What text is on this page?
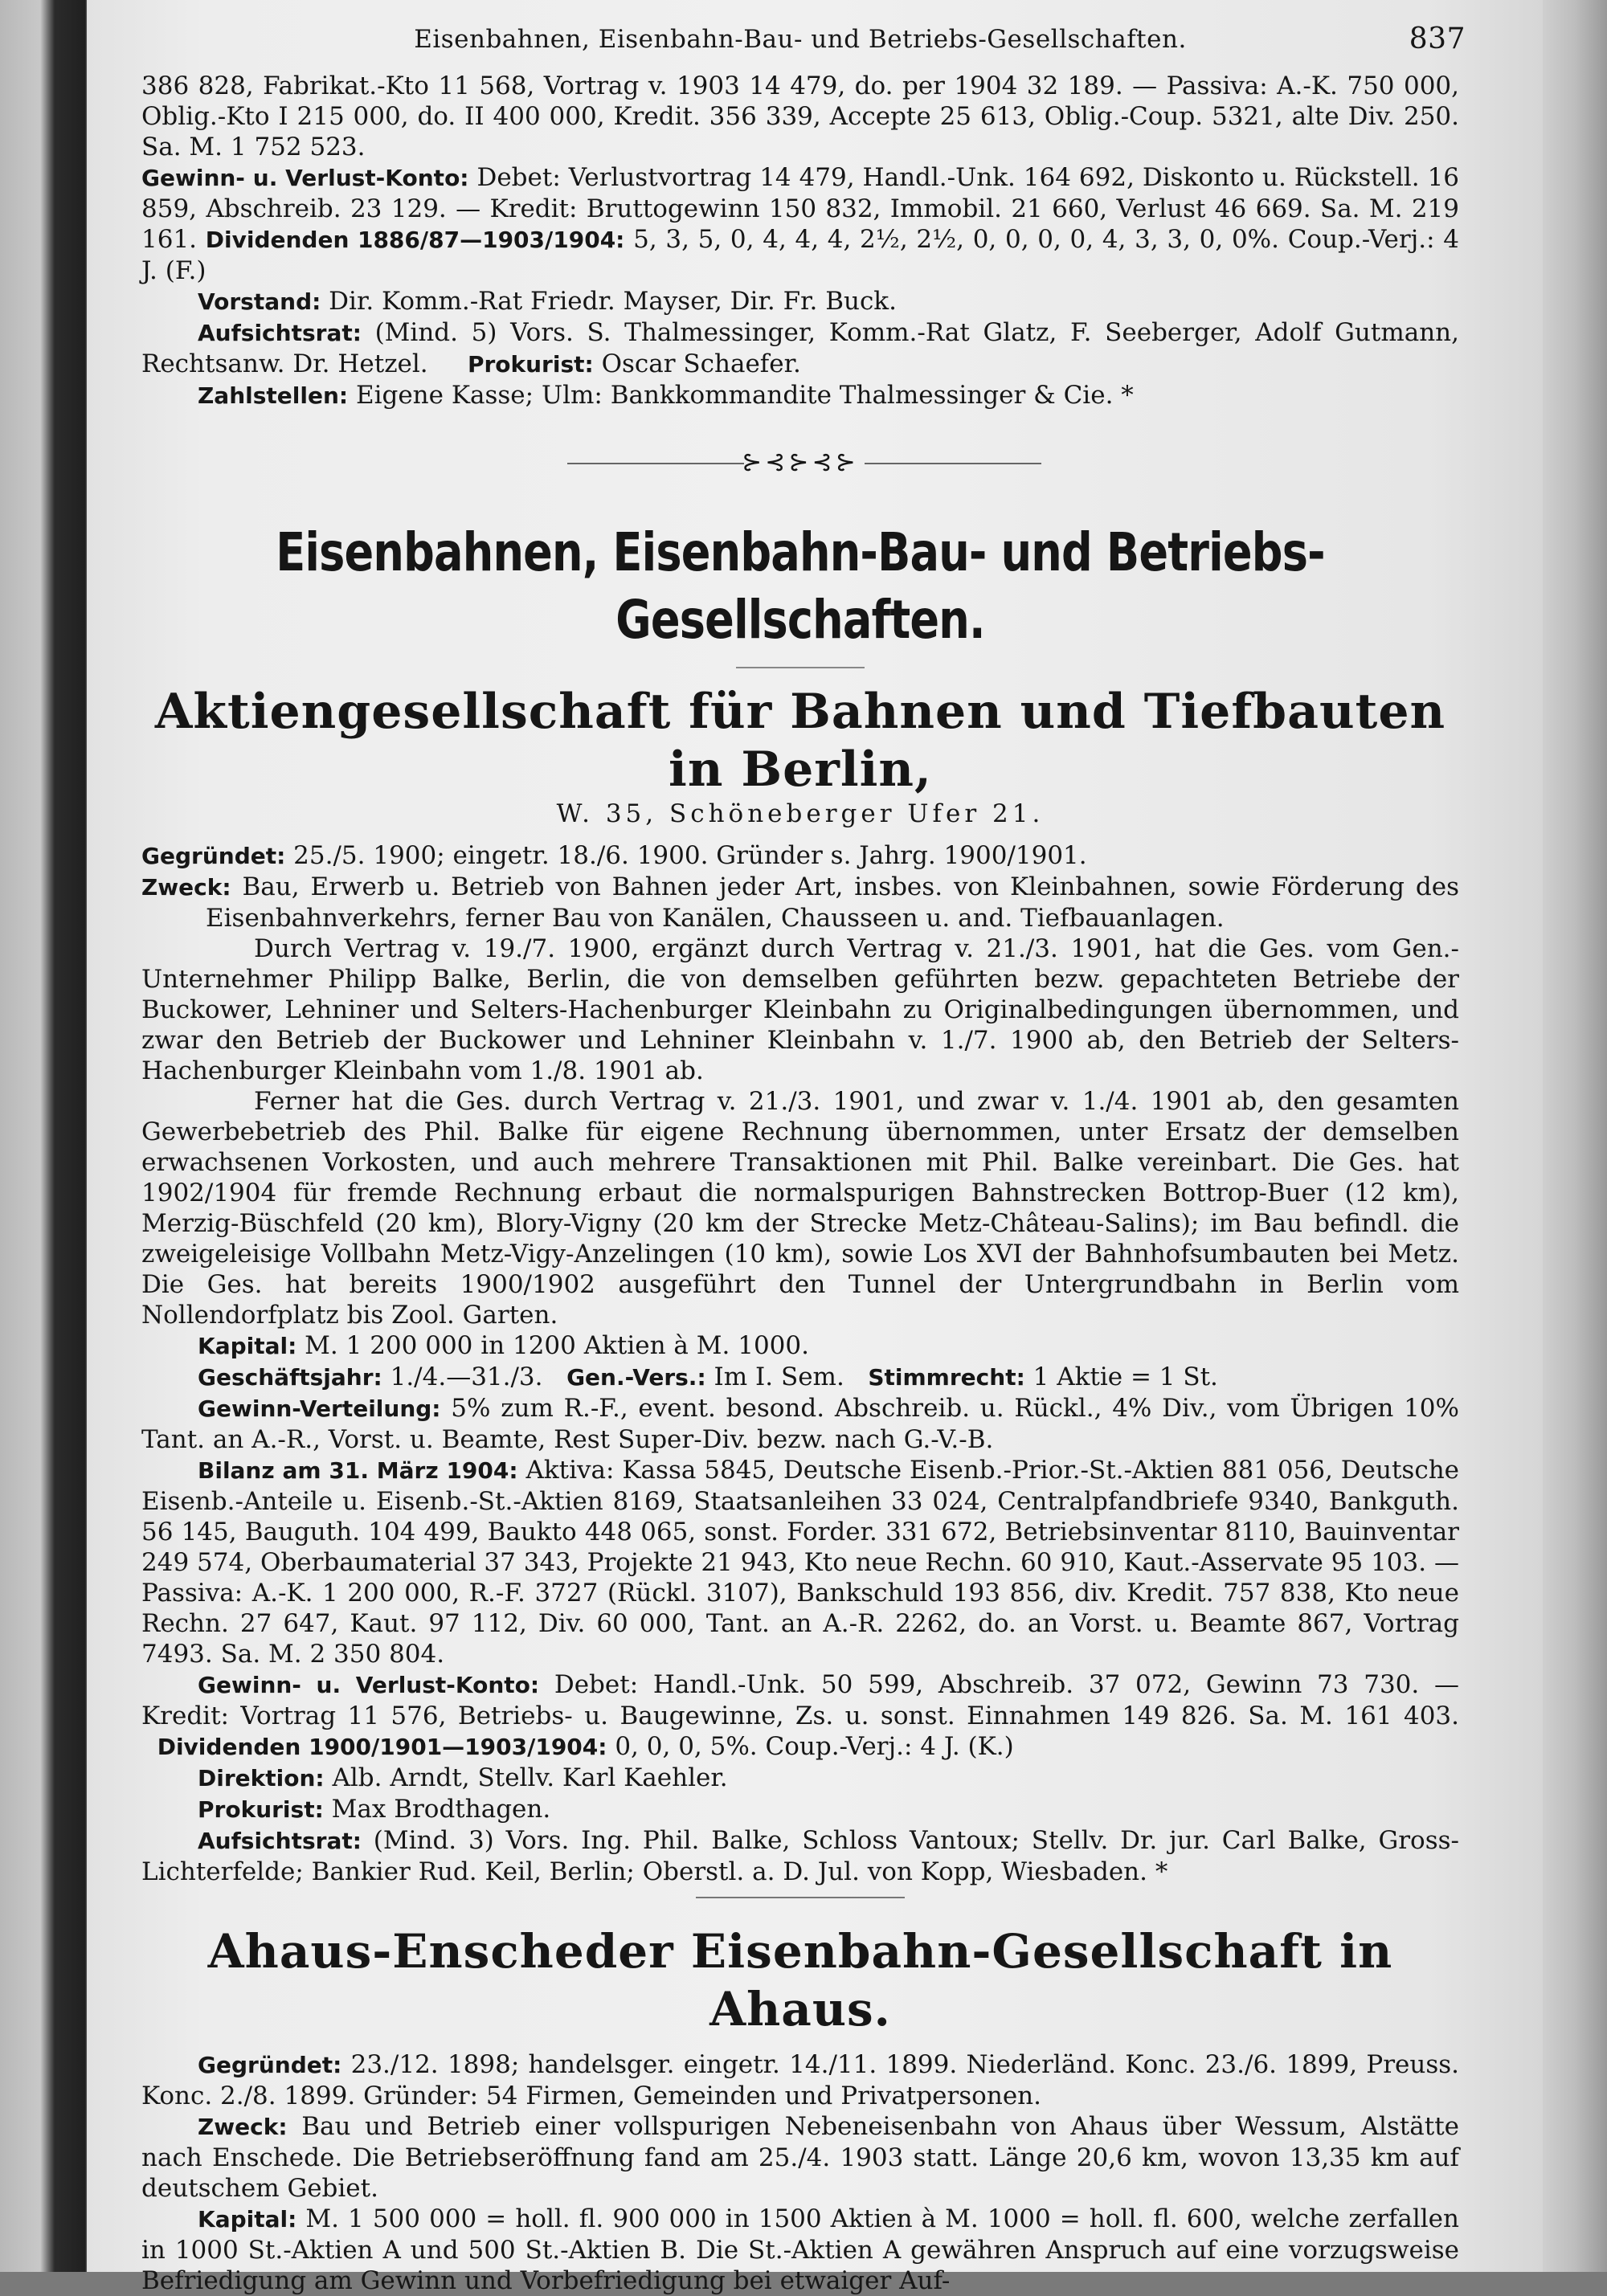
Eisenbahnen, Eisenbahn-Bau- und Betriebs-Gesellschaften.	837

386 828, Fabrikat.-Kto 11 568, Vortrag v. 1903 14 479, do. per 1904 32 189. — Passiva: A.-K. 750 000, Oblig.-Kto I 215 000, do. II 400 000, Kredit. 356 339, Accepte 25 613, Oblig.-Coup. 5321, alte Div. 250. Sa. M. 1 752 523.

Gewinn- u. Verlust-Konto: Debet: Verlustvortrag 14 479, Handl.-Unk. 164 692, Diskonto u. Rückstell. 16 859, Abschreib. 23 129. — Kredit: Bruttogewinn 150 832, Immobil. 21 660, Verlust 46 669. Sa. M. 219 161. Dividenden 1886/87—1903/1904: 5, 3, 5, 0, 4, 4, 4, 2½, 2½, 0, 0, 0, 0, 4, 3, 3, 0, 0%. Coup.-Verj.: 4 J. (F.)

Vorstand: Dir. Komm.-Rat Friedr. Mayser, Dir. Fr. Buck.

Aufsichtsrat: (Mind. 5) Vors. S. Thalmessinger, Komm.-Rat Glatz, F. Seeberger, Adolf Gutmann, Rechtsanw. Dr. Hetzel. Prokurist: Oscar Schaefer.

Zahlstellen: Eigene Kasse; Ulm: Bankkommandite Thalmessinger & Cie. *

⊱⊰⊱⊰⊱
Eisenbahnen, Eisenbahn-Bau- und Betriebs-Gesellschaften.
Aktiengesellschaft für Bahnen und Tiefbauten in Berlin,
W. 35, Schöneberger Ufer 21.

Gegründet: 25./5. 1900; eingetr. 18./6. 1900. Gründer s. Jahrg. 1900/1901.

Zweck: Bau, Erwerb u. Betrieb von Bahnen jeder Art, insbes. von Kleinbahnen, sowie Förderung des Eisenbahnverkehrs, ferner Bau von Kanälen, Chausseen u. and. Tiefbauanlagen.

Durch Vertrag v. 19./7. 1900, ergänzt durch Vertrag v. 21./3. 1901, hat die Ges. vom Gen.-Unternehmer Philipp Balke, Berlin, die von demselben geführten bezw. gepachteten Betriebe der Buckower, Lehniner und Selters-Hachenburger Kleinbahn zu Originalbedingungen übernommen, und zwar den Betrieb der Buckower und Lehniner Kleinbahn v. 1./7. 1900 ab, den Betrieb der Selters-Hachenburger Kleinbahn vom 1./8. 1901 ab.

Ferner hat die Ges. durch Vertrag v. 21./3. 1901, und zwar v. 1./4. 1901 ab, den gesamten Gewerbebetrieb des Phil. Balke für eigene Rechnung übernommen, unter Ersatz der demselben erwachsenen Vorkosten, und auch mehrere Transaktionen mit Phil. Balke vereinbart. Die Ges. hat 1902/1904 für fremde Rechnung erbaut die normalspurigen Bahnstrecken Bottrop-Buer (12 km), Merzig-Büschfeld (20 km), Blory-Vigny (20 km der Strecke Metz-Château-Salins); im Bau befindl. die zweigeleisige Vollbahn Metz-Vigy-Anzelingen (10 km), sowie Los XVI der Bahnhofsumbauten bei Metz. Die Ges. hat bereits 1900/1902 ausgeführt den Tunnel der Untergrundbahn in Berlin vom Nollendorfplatz bis Zool. Garten.

Kapital: M. 1 200 000 in 1200 Aktien à M. 1000.

Geschäftsjahr: 1./4.—31./3. Gen.-Vers.: Im I. Sem. Stimmrecht: 1 Aktie = 1 St.

Gewinn-Verteilung: 5% zum R.-F., event. besond. Abschreib. u. Rückl., 4% Div., vom Übrigen 10% Tant. an A.-R., Vorst. u. Beamte, Rest Super-Div. bezw. nach G.-V.-B.

Bilanz am 31. März 1904: Aktiva: Kassa 5845, Deutsche Eisenb.-Prior.-St.-Aktien 881 056, Deutsche Eisenb.-Anteile u. Eisenb.-St.-Aktien 8169, Staatsanleihen 33 024, Centralpfandbriefe 9340, Bankguth. 56 145, Bauguth. 104 499, Baukto 448 065, sonst. Forder. 331 672, Betriebsinventar 8110, Bauinventar 249 574, Oberbaumaterial 37 343, Projekte 21 943, Kto neue Rechn. 60 910, Kaut.-Asservate 95 103. — Passiva: A.-K. 1 200 000, R.-F. 3727 (Rückl. 3107), Bankschuld 193 856, div. Kredit. 757 838, Kto neue Rechn. 27 647, Kaut. 97 112, Div. 60 000, Tant. an A.-R. 2262, do. an Vorst. u. Beamte 867, Vortrag 7493. Sa. M. 2 350 804.

Gewinn- u. Verlust-Konto: Debet: Handl.-Unk. 50 599, Abschreib. 37 072, Gewinn 73 730. — Kredit: Vortrag 11 576, Betriebs- u. Baugewinne, Zs. u. sonst. Einnahmen 149 826. Sa. M. 161 403.   Dividenden 1900/1901—1903/1904: 0, 0, 0, 5%. Coup.-Verj.: 4 J. (K.)

Direktion: Alb. Arndt, Stellv. Karl Kaehler.

Prokurist: Max Brodthagen.

Aufsichtsrat: (Mind. 3) Vors. Ing. Phil. Balke, Schloss Vantoux; Stellv. Dr. jur. Carl Balke, Gross-Lichterfelde; Bankier Rud. Keil, Berlin; Oberstl. a. D. Jul. von Kopp, Wiesbaden. *

Ahaus-Enscheder Eisenbahn-Gesellschaft in Ahaus.

Gegründet: 23./12. 1898; handelsger. eingetr. 14./11. 1899. Niederländ. Konc. 23./6. 1899, Preuss. Konc. 2./8. 1899. Gründer: 54 Firmen, Gemeinden und Privatpersonen.

Zweck: Bau und Betrieb einer vollspurigen Nebeneisenbahn von Ahaus über Wessum, Alstätte nach Enschede. Die Betriebseröffnung fand am 25./4. 1903 statt. Länge 20,6 km, wovon 13,35 km auf deutschem Gebiet.

Kapital: M. 1 500 000 = holl. fl. 900 000 in 1500 Aktien à M. 1000 = holl. fl. 600, welche zerfallen in 1000 St.-Aktien A und 500 St.-Aktien B. Die St.-Aktien A gewähren Anspruch auf eine vorzugsweise Befriedigung am Gewinn und Vorbefriedigung bei etwaiger Auf-
